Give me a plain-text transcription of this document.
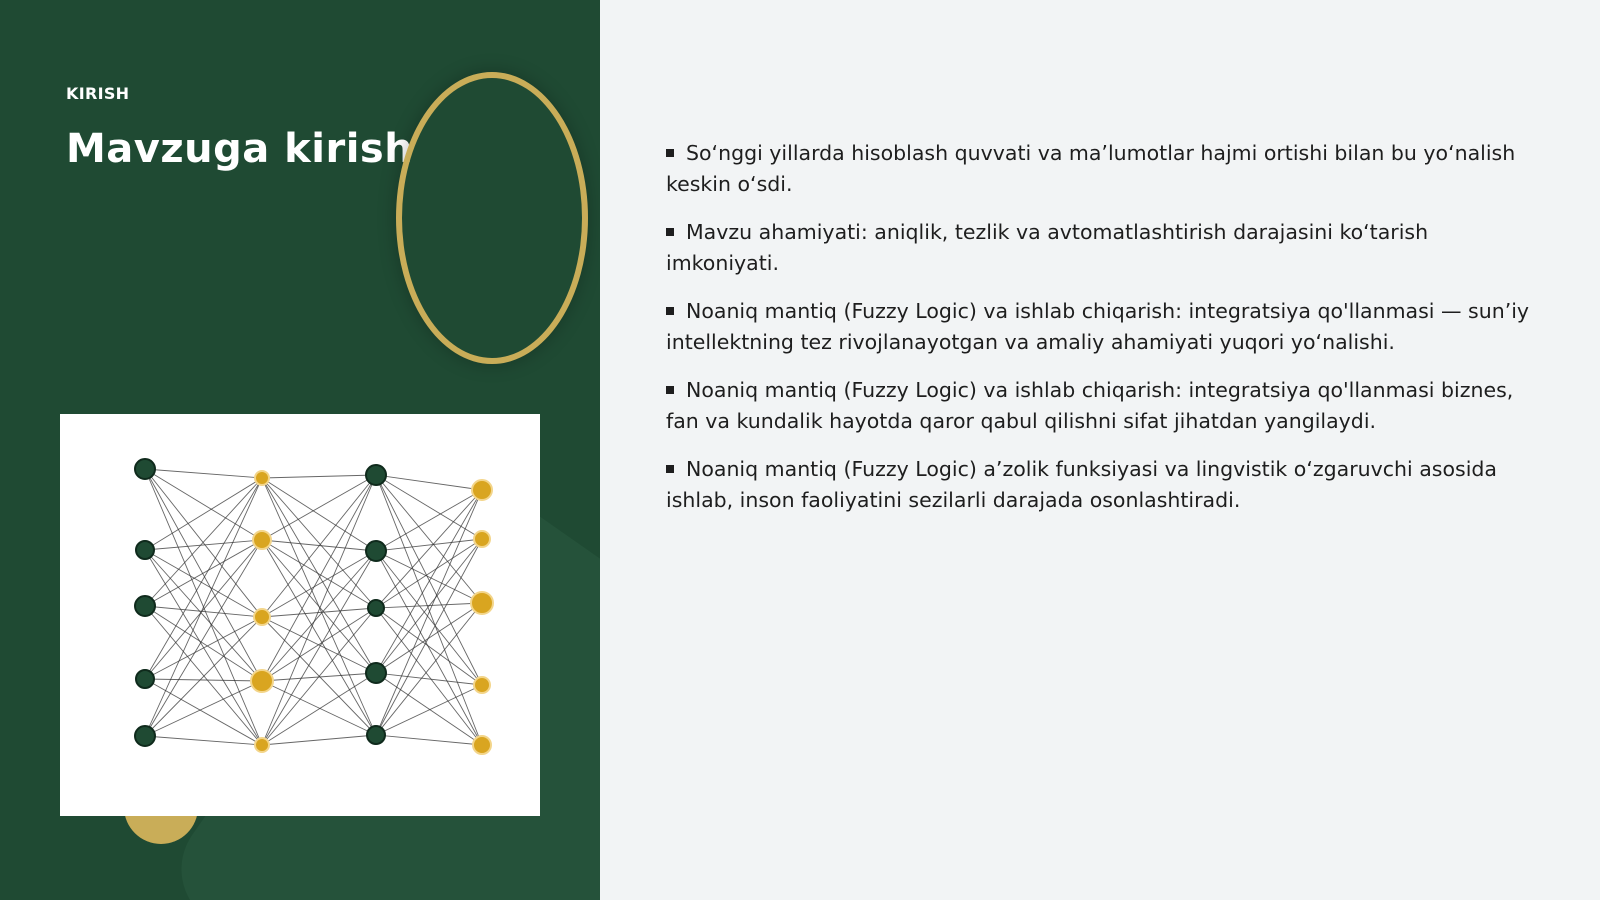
KIRISH
Mavzuga kirish	So‘nggi yillarda hisoblash quvvati va ma’lumotlar hajmi ortishi bilan bu yo‘nalish keskin o‘sdi.
Mavzu ahamiyati: aniqlik, tezlik va avtomatlashtirish darajasini ko‘tarish imkoniyati.
Noaniq mantiq (Fuzzy Logic) va ishlab chiqarish: integratsiya qo'llanmasi — sun’iy intellektning tez rivojlanayotgan va amaliy ahamiyati yuqori yo‘nalishi.
Noaniq mantiq (Fuzzy Logic) va ishlab chiqarish: integratsiya qo'llanmasi biznes, fan va kundalik hayotda qaror qabul qilishni sifat jihatdan yangilaydi.
Noaniq mantiq (Fuzzy Logic) a’zolik funksiyasi va lingvistik o‘zgaruvchi asosida ishlab, inson faoliyatini sezilarli darajada osonlashtiradi.
